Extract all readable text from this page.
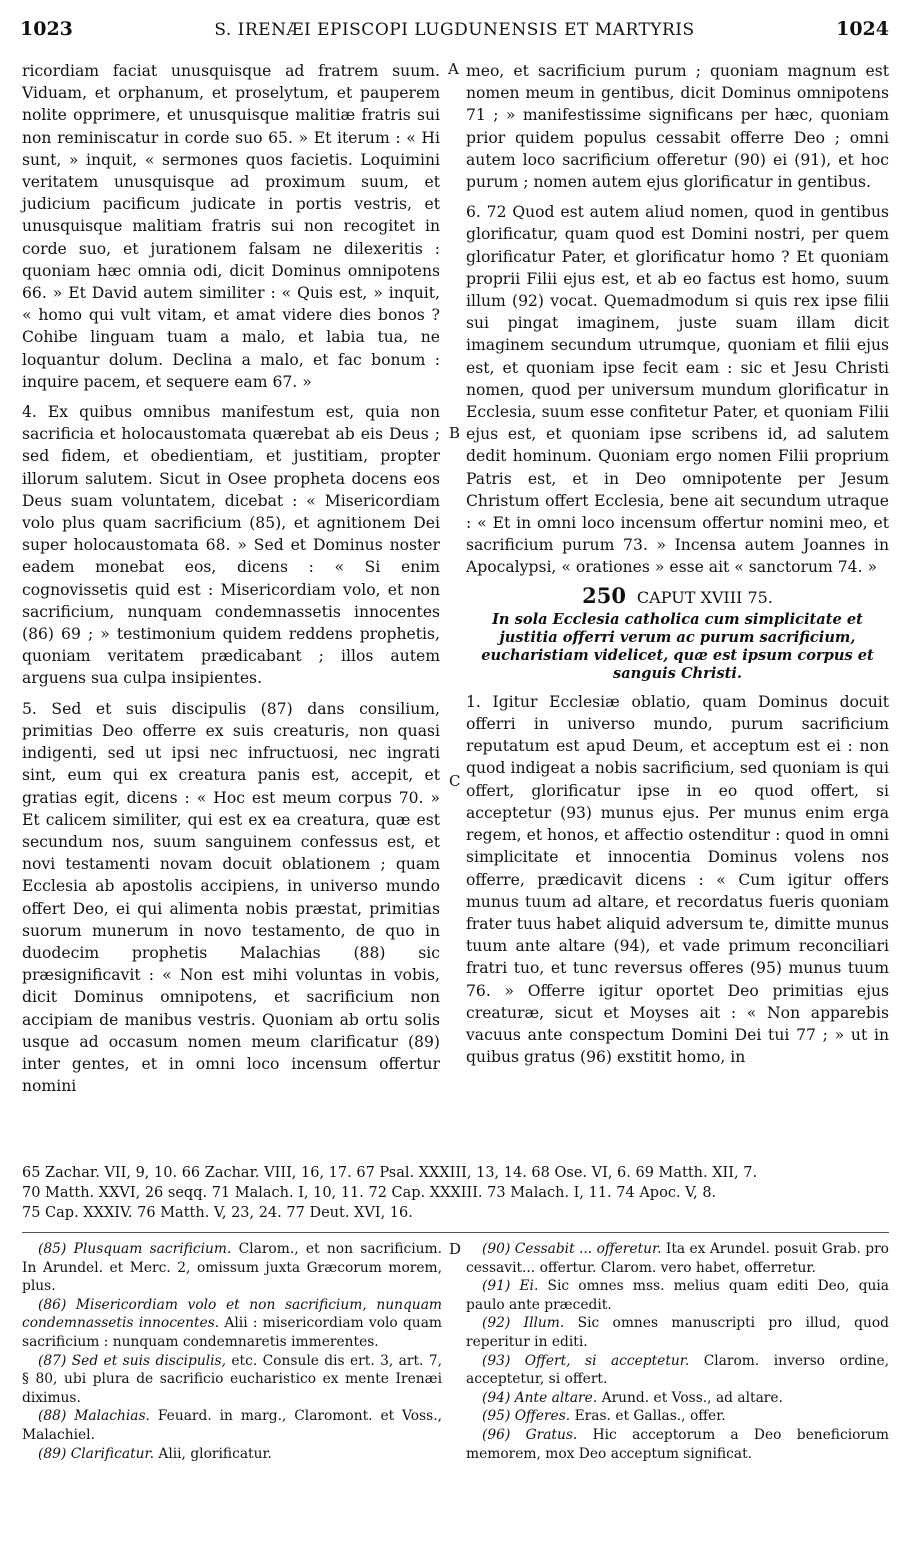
1023	S. IRENÆI EPISCOPI LUGDUNENSIS ET MARTYRIS	1024
A
B
C
D

ricordiam faciat unusquisque ad fratrem suum. Viduam, et orphanum, et proselytum, et pauperem nolite opprimere, et unusquisque malitiæ fratris sui non reminiscatur in corde suo 65. » Et iterum : « Hi sunt, » inquit, « sermones quos facietis. Loquimini veritatem unusquisque ad proximum suum, et judicium pacificum judicate in portis vestris, et unusquisque malitiam fratris sui non recogitet in corde suo, et jurationem falsam ne dilexeritis : quoniam hæc omnia odi, dicit Dominus omnipotens 66. » Et David autem similiter : « Quis est, » inquit, « homo qui vult vitam, et amat videre dies bonos ? Cohibe linguam tuam a malo, et labia tua, ne loquantur dolum. Declina a malo, et fac bonum : inquire pacem, et sequere eam 67. »

4. Ex quibus omnibus manifestum est, quia non sacrificia et holocaustomata quærebat ab eis Deus ; sed fidem, et obedientiam, et justitiam, propter illorum salutem. Sicut in Osee propheta docens eos Deus suam voluntatem, dicebat : « Misericordiam volo plus quam sacrificium (85), et agnitionem Dei super holocaustomata 68. » Sed et Dominus noster eadem monebat eos, dicens : « Si enim cognovissetis quid est : Misericordiam volo, et non sacrificium, nunquam condemnassetis innocentes (86) 69 ; » testimonium quidem reddens prophetis, quoniam veritatem prædicabant ; illos autem arguens sua culpa insipientes.

5. Sed et suis discipulis (87) dans consilium, primitias Deo offerre ex suis creaturis, non quasi indigenti, sed ut ipsi nec infructuosi, nec ingrati sint, eum qui ex creatura panis est, accepit, et gratias egit, dicens : « Hoc est meum corpus 70. » Et calicem similiter, qui est ex ea creatura, quæ est secundum nos, suum sanguinem confessus est, et novi testamenti novam docuit oblationem ; quam Ecclesia ab apostolis accipiens, in universo mundo offert Deo, ei qui alimenta nobis præstat, primitias suorum munerum in novo testamento, de quo in duodecim prophetis Malachias (88) sic præsignificavit : « Non est mihi voluntas in vobis, dicit Dominus omnipotens, et sacrificium non accipiam de manibus vestris. Quoniam ab ortu solis usque ad occasum nomen meum clarificatur (89) inter gentes, et in omni loco incensum offertur nomini

meo, et sacrificium purum ; quoniam magnum est nomen meum in gentibus, dicit Dominus omnipotens 71 ; » manifestissime significans per hæc, quoniam prior quidem populus cessabit offerre Deo ; omni autem loco sacrificium offeretur (90) ei (91), et hoc purum ; nomen autem ejus glorificatur in gentibus.

6. 72 Quod est autem aliud nomen, quod in gentibus glorificatur, quam quod est Domini nostri, per quem glorificatur Pater, et glorificatur homo ? Et quoniam proprii Filii ejus est, et ab eo factus est homo, suum illum (92) vocat. Quemadmodum si quis rex ipse filii sui pingat imaginem, juste suam illam dicit imaginem secundum utrumque, quoniam et filii ejus est, et quoniam ipse fecit eam : sic et Jesu Christi nomen, quod per universum mundum glorificatur in Ecclesia, suum esse confitetur Pater, et quoniam Filii ejus est, et quoniam ipse scribens id, ad salutem dedit hominum. Quoniam ergo nomen Filii proprium Patris est, et in Deo omnipotente per Jesum Christum offert Ecclesia, bene ait secundum utraque : « Et in omni loco incensum offertur nomini meo, et sacrificium purum 73. » Incensa autem Joannes in Apocalypsi, « orationes » esse ait « sanctorum 74. »

250 CAPUT XVIII 75.
In sola Ecclesia catholica cum simplicitate et justitia offerri verum ac purum sacrificium, eucharistiam videlicet, quæ est ipsum corpus et sanguis Christi.

1. Igitur Ecclesiæ oblatio, quam Dominus docuit offerri in universo mundo, purum sacrificium reputatum est apud Deum, et acceptum est ei : non quod indigeat a nobis sacrificium, sed quoniam is qui offert, glorificatur ipse in eo quod offert, si acceptetur (93) munus ejus. Per munus enim erga regem, et honos, et affectio ostenditur : quod in omni simplicitate et innocentia Dominus volens nos offerre, prædicavit dicens : « Cum igitur offers munus tuum ad altare, et recordatus fueris quoniam frater tuus habet aliquid adversum te, dimitte munus tuum ante altare (94), et vade primum reconciliari fratri tuo, et tunc reversus offeres (95) munus tuum 76. » Offerre igitur oportet Deo primitias ejus creaturæ, sicut et Moyses ait : « Non apparebis vacuus ante conspectum Domini Dei tui 77 ; » ut in quibus gratus (96) exstitit homo, in

65 Zachar. VII, 9, 10. 66 Zachar. VIII, 16, 17. 67 Psal. XXXIII, 13, 14. 68 Ose. VI, 6. 69 Matth. XII, 7.
70 Matth. XXVI, 26 seqq. 71 Malach. I, 10, 11. 72 Cap. XXXIII. 73 Malach. I, 11. 74 Apoc. V, 8.
75 Cap. XXXIV. 76 Matth. V, 23, 24. 77 Deut. XVI, 16.
(85) Plusquam sacrificium. Clarom., et non sacrificium. In Arundel. et Merc. 2, omissum juxta Græcorum morem, plus.
(86) Misericordiam volo et non sacrificium, nunquam condemnassetis innocentes. Alii : misericordiam volo quam sacrificium : nunquam condemnaretis immerentes.
(87) Sed et suis discipulis, etc. Consule dis ert. 3, art. 7, § 80, ubi plura de sacrificio eucharistico ex mente Irenæi diximus.
(88) Malachias. Feuard. in marg., Claromont. et Voss., Malachiel.
(89) Clarificatur. Alii, glorificatur.
(90) Cessabit ... offeretur. Ita ex Arundel. posuit Grab. pro cessavit... offertur. Clarom. vero habet, offerretur.
(91) Ei. Sic omnes mss. melius quam editi Deo, quia paulo ante præcedit.
(92) Illum. Sic omnes manuscripti pro illud, quod reperitur in editi.
(93) Offert, si acceptetur. Clarom. inverso ordine, acceptetur, si offert.
(94) Ante altare. Arund. et Voss., ad altare.
(95) Offeres. Eras. et Gallas., offer.
(96) Gratus. Hic acceptorum a Deo beneficiorum memorem, mox Deo acceptum significat.
